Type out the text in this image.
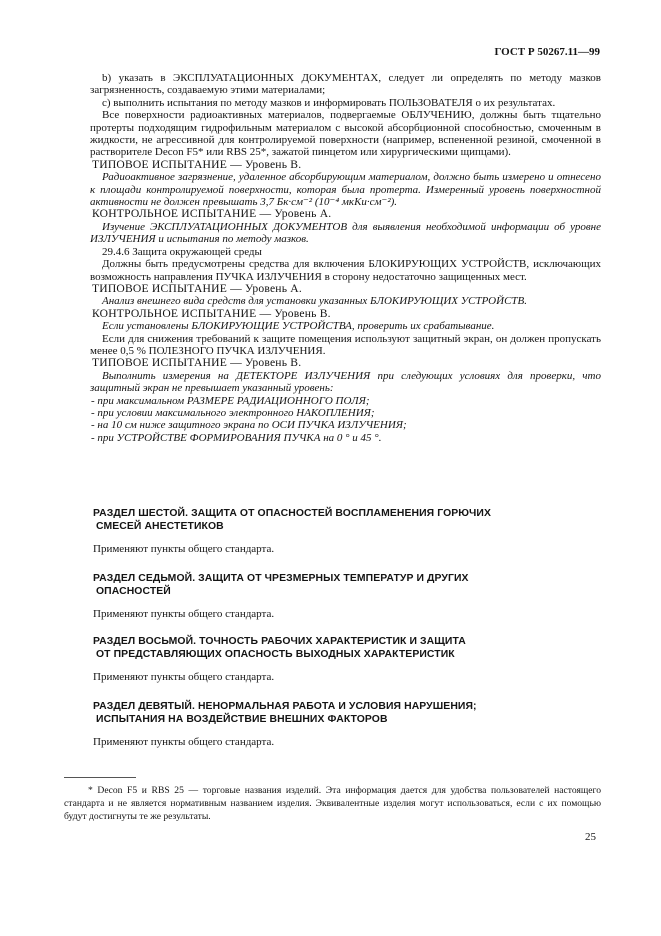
ГОСТ Р 50267.11—99

b) указать в ЭКСПЛУАТАЦИОННЫХ ДОКУМЕНТАХ, следует ли определять по методу мазков загрязненность, создаваемую этими материалами;

c) выполнить испытания по методу мазков и информировать ПОЛЬЗОВАТЕЛЯ о их результатах.

Все поверхности радиоактивных материалов, подвергаемые ОБЛУЧЕНИЮ, должны быть тщательно протерты подходящим гидрофильным материалом с высокой абсорбционной способностью, смоченным в жидкости, не агрессивной для контролируемой поверхности (например, вспененной резиной, смоченной в растворителе Decon F5* или RBS 25*, зажатой пинцетом или хирургическими щипцами).

ТИПОВОЕ ИСПЫТАНИЕ — Уровень В.

Радиоактивное загрязнение, удаленное абсорбирующим материалом, должно быть измерено и отнесено к площади контролируемой поверхности, которая была протерта. Измеренный уровень поверхностной активности не должен превышать 3,7 Бк·см⁻² (10⁻⁴ мкКи·см⁻²).

КОНТРОЛЬНОЕ ИСПЫТАНИЕ — Уровень А.

Изучение ЭКСПЛУАТАЦИОННЫХ ДОКУМЕНТОВ для выявления необходимой информации об уровне ИЗЛУЧЕНИЯ и испытания по методу мазков.

29.4.6 Защита окружающей среды

Должны быть предусмотрены средства для включения БЛОКИРУЮЩИХ УСТРОЙСТВ, исключающих возможность направления ПУЧКА ИЗЛУЧЕНИЯ в сторону недостаточно защищенных мест.

ТИПОВОЕ ИСПЫТАНИЕ — Уровень А.

Анализ внешнего вида средств для установки указанных БЛОКИРУЮЩИХ УСТРОЙСТВ.

КОНТРОЛЬНОЕ ИСПЫТАНИЕ — Уровень В.

Если установлены БЛОКИРУЮЩИЕ УСТРОЙСТВА, проверить их срабатывание.

Если для снижения требований к защите помещения используют защитный экран, он должен пропускать менее 0,5 % ПОЛЕЗНОГО ПУЧКА ИЗЛУЧЕНИЯ.

ТИПОВОЕ ИСПЫТАНИЕ — Уровень В.

Выполнить измерения на ДЕТЕКТОРЕ ИЗЛУЧЕНИЯ при следующих условиях для проверки, что защитный экран не превышает указанный уровень:

- при максимальном РАЗМЕРЕ РАДИАЦИОННОГО ПОЛЯ;

- при условии максимального электронного НАКОПЛЕНИЯ;

- на 10 см ниже защитного экрана по ОСИ ПУЧКА ИЗЛУЧЕНИЯ;

- при УСТРОЙСТВЕ ФОРМИРОВАНИЯ ПУЧКА на 0 ° и 45 °.

РАЗДЕЛ ШЕСТОЙ. ЗАЩИТА ОТ ОПАСНОСТЕЙ ВОСПЛАМЕНЕНИЯ ГОРЮЧИХ
СМЕСЕЙ АНЕСТЕТИКОВ

Применяют пункты общего стандарта.

РАЗДЕЛ СЕДЬМОЙ. ЗАЩИТА ОТ ЧРЕЗМЕРНЫХ ТЕМПЕРАТУР И ДРУГИХ
ОПАСНОСТЕЙ

Применяют пункты общего стандарта.

РАЗДЕЛ ВОСЬМОЙ. ТОЧНОСТЬ РАБОЧИХ ХАРАКТЕРИСТИК И ЗАЩИТА
ОТ ПРЕДСТАВЛЯЮЩИХ ОПАСНОСТЬ ВЫХОДНЫХ ХАРАКТЕРИСТИК

Применяют пункты общего стандарта.

РАЗДЕЛ ДЕВЯТЫЙ. НЕНОРМАЛЬНАЯ РАБОТА И УСЛОВИЯ НАРУШЕНИЯ;
ИСПЫТАНИЯ НА ВОЗДЕЙСТВИЕ ВНЕШНИХ ФАКТОРОВ

Применяют пункты общего стандарта.

* Decon F5 и RBS 25 — торговые названия изделий. Эта информация дается для удобства пользователей настоящего стандарта и не является нормативным названием изделия. Эквивалентные изделия могут использоваться, если с их помощью будут достигнуты те же результаты.

25
